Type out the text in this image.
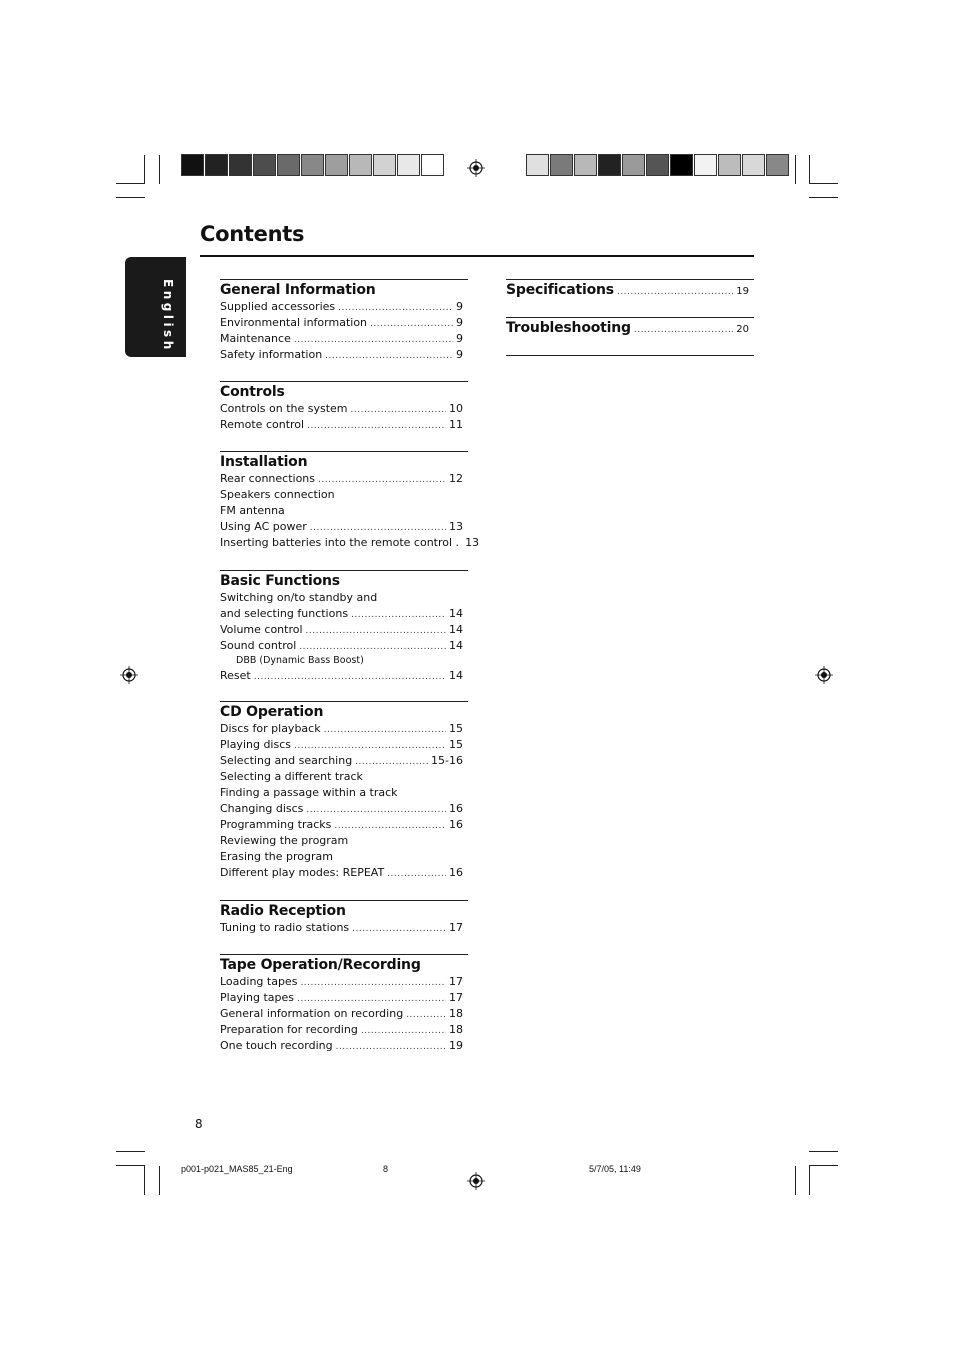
Contents
English	General Information
Supplied accessories .....	9
Environmental information .....	9
Maintenance .....	9
Safety information .....	9
Controls
Controls on the system .....	10
Remote control .....	11
Installation
Rear connections .....	12
Speakers connection
FM antenna
Using AC power .....	13
Inserting batteries into the remote control . 13
Basic Functions
Switching on/to standby and
and selecting functions .....	14
Volume control .....	14
Sound control .....	14
DBB (Dynamic Bass Boost)
Reset .....	14
CD Operation
Discs for playback .....	15
Playing discs .....	15
Selecting and searching .....	15-16
Selecting a different track
Finding a passage within a track
Changing discs .....	16
Programming tracks .....	16
Reviewing the program
Erasing the program
Different play modes: REPEAT .....	16
Radio Reception
Tuning to radio stations .....	17
Tape Operation/Recording
Loading tapes .....	17
Playing tapes .....	17
General information on recording .....	18
Preparation for recording .....	18
One touch recording .....	19
Specifications .....	19
Troubleshooting .....	20
8
p001-p021_MAS85_21-Eng	8	5/7/05, 11:49
